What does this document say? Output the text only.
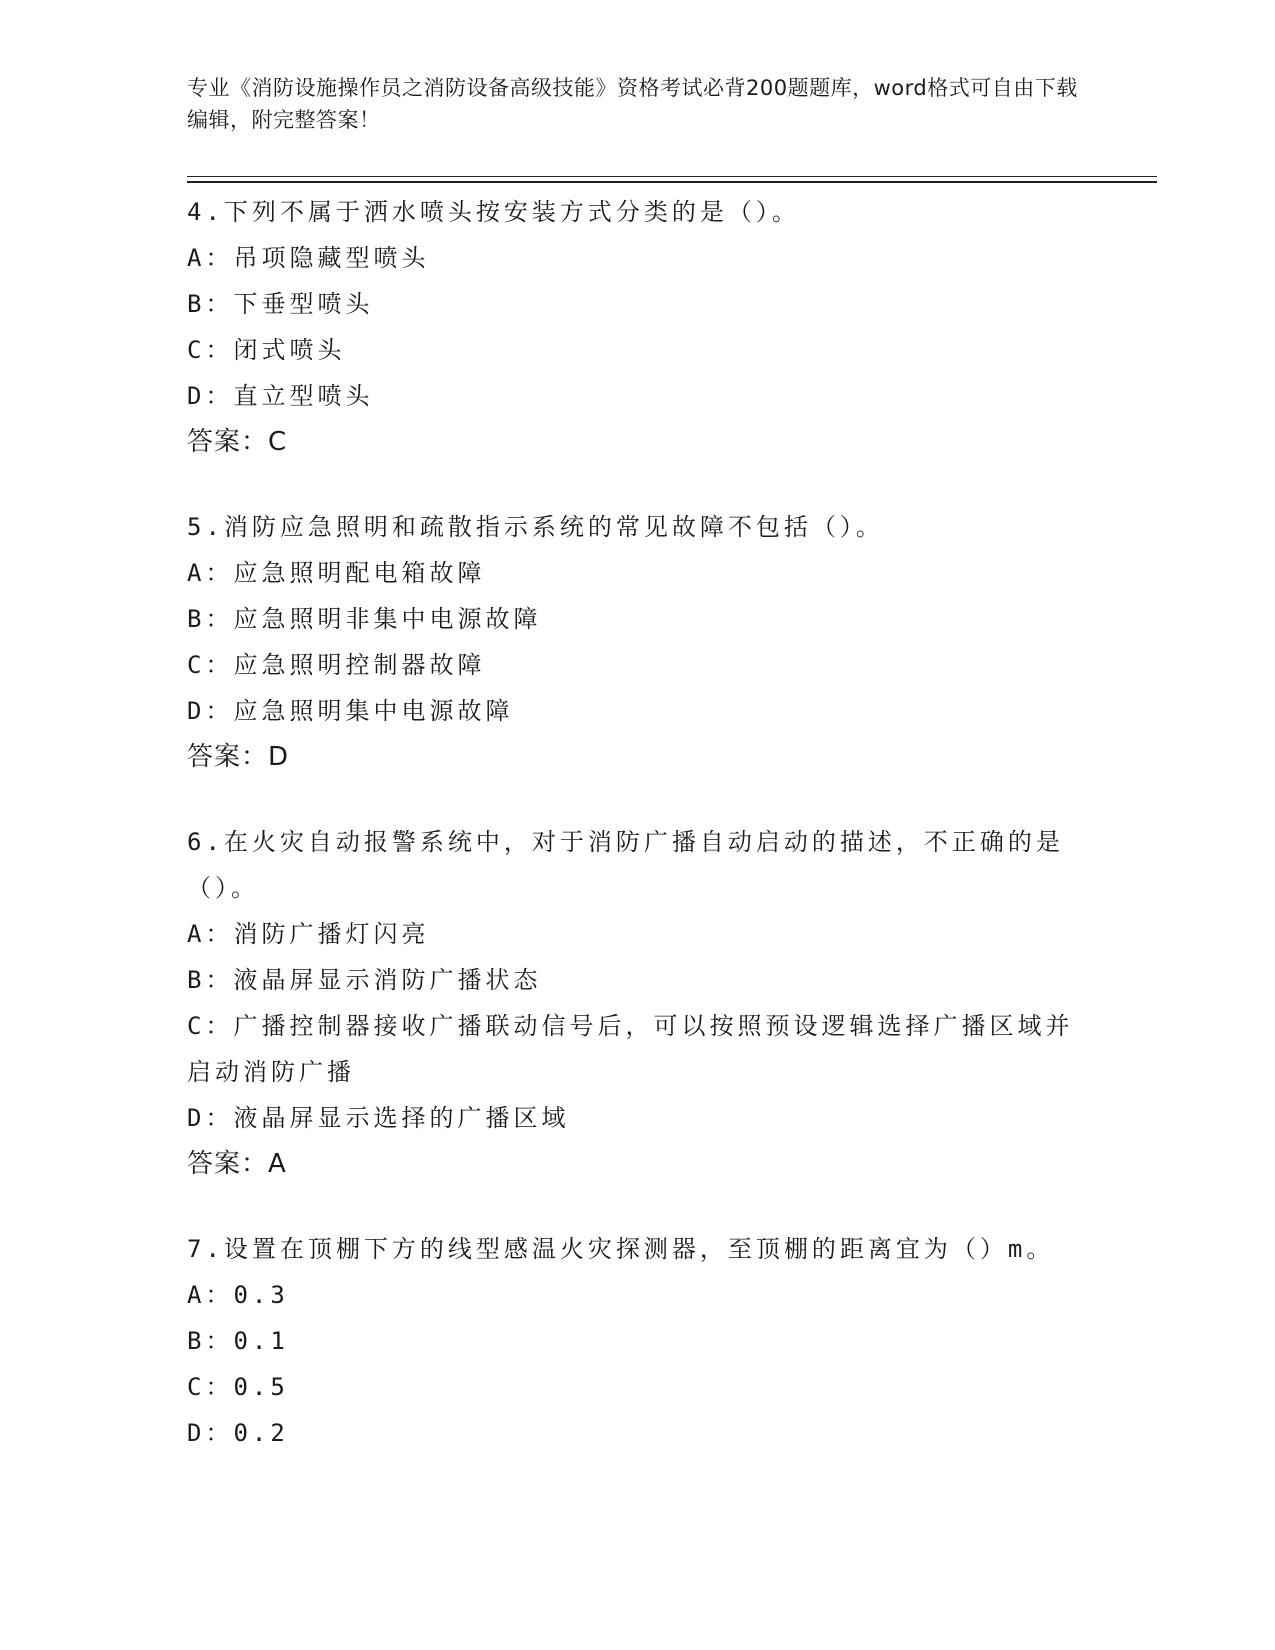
专业《消防设施操作员之消防设备高级技能》资格考试必背200题题库，word格式可自由下载编辑，附完整答案！
4.下列不属于洒水喷头按安装方式分类的是（）。
A：吊项隐藏型喷头
B：下垂型喷头
C：闭式喷头
D：直立型喷头
答案：C
5.消防应急照明和疏散指示系统的常见故障不包括（）。
A：应急照明配电箱故障
B：应急照明非集中电源故障
C：应急照明控制器故障
D：应急照明集中电源故障
答案：D
6.在火灾自动报警系统中，对于消防广播自动启动的描述，不正确的是（）。
A：消防广播灯闪亮
B：液晶屏显示消防广播状态
C：广播控制器接收广播联动信号后，可以按照预设逻辑选择广播区域并启动消防广播
D：液晶屏显示选择的广播区域
答案：A
7.设置在顶棚下方的线型感温火灾探测器，至顶棚的距离宜为（）m。
A：0.3
B：0.1
C：0.5
D：0.2
